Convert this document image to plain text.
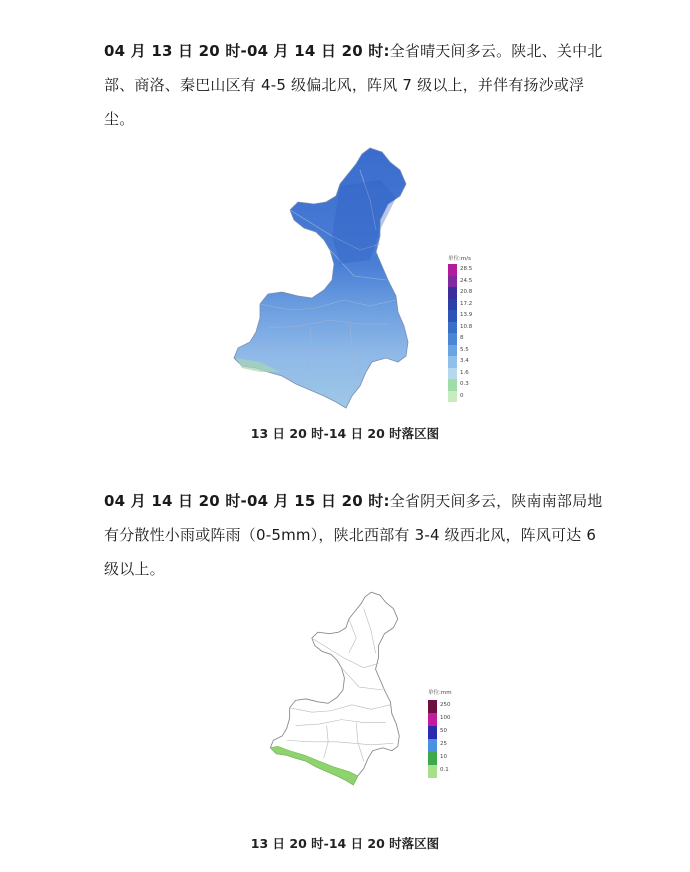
04 月 13 日 20 时-04 月 14 日 20 时:全省晴天间多云。陕北、关中北部、商洛、秦巴山区有 4-5 级偏北风，阵风 7 级以上，并伴有扬沙或浮尘。
单位:m/s
28.5
24.5
20.8
17.2
13.9
10.8
8
5.5
3.4
1.6
0.3
0
13 日 20 时-14 日 20 时落区图
04 月 14 日 20 时-04 月 15 日 20 时:全省阴天间多云，陕南南部局地有分散性小雨或阵雨（0-5mm），陕北西部有 3-4 级西北风，阵风可达 6 级以上。
单位:mm
250
100
50
25
10
0.1
13 日 20 时-14 日 20 时落区图
